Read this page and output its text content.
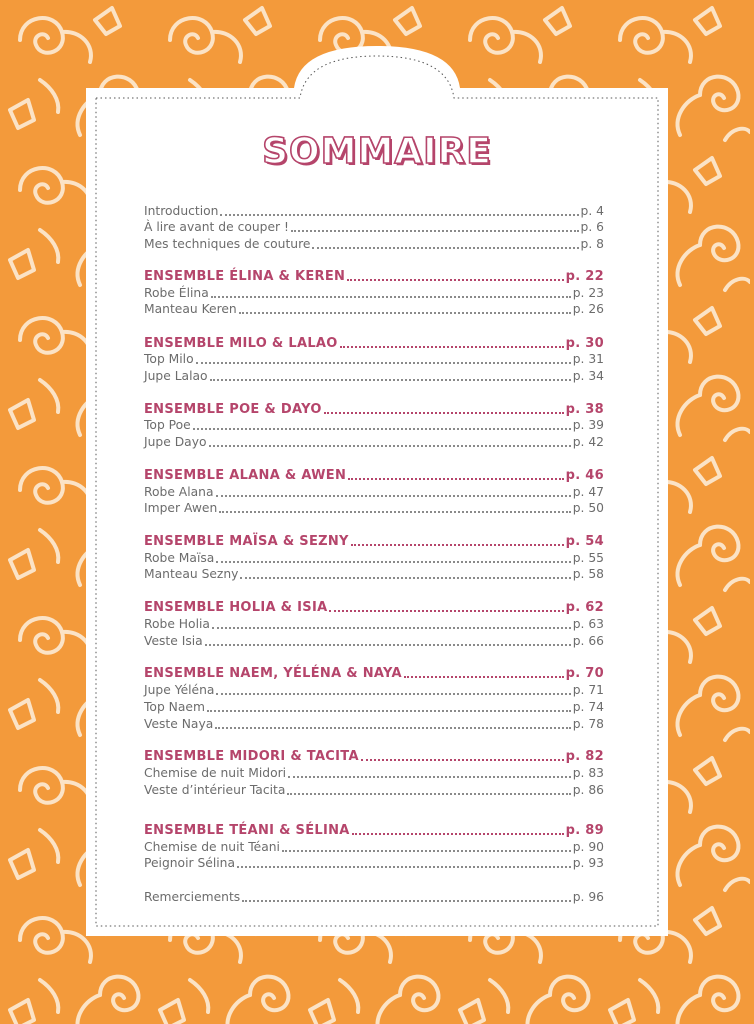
SOMMAIRE
Introduction	p. 4
À lire avant de couper !	p. 6
Mes techniques de couture	p. 8
ENSEMBLE ÉLINA & KEREN	p. 22
Robe Élina	p. 23
Manteau Keren	p. 26
ENSEMBLE MILO & LALAO	p. 30
Top Milo	p. 31
Jupe Lalao	p. 34
ENSEMBLE POE & DAYO	p. 38
Top Poe	p. 39
Jupe Dayo	p. 42
ENSEMBLE ALANA & AWEN	p. 46
Robe Alana	p. 47
Imper Awen	p. 50
ENSEMBLE MAÏSA & SEZNY	p. 54
Robe Maïsa	p. 55
Manteau Sezny	p. 58
ENSEMBLE HOLIA & ISIA	p. 62
Robe Holia	p. 63
Veste Isia	p. 66
ENSEMBLE NAEM, YÉLÉNA & NAYA	p. 70
Jupe Yéléna	p. 71
Top Naem	p. 74
Veste Naya	p. 78
ENSEMBLE MIDORI & TACITA	p. 82
Chemise de nuit Midori	p. 83
Veste d’intérieur Tacita	p. 86
ENSEMBLE TÉANI & SÉLINA	p. 89
Chemise de nuit Téani	p. 90
Peignoir Sélina	p. 93
Remerciements	p. 96
